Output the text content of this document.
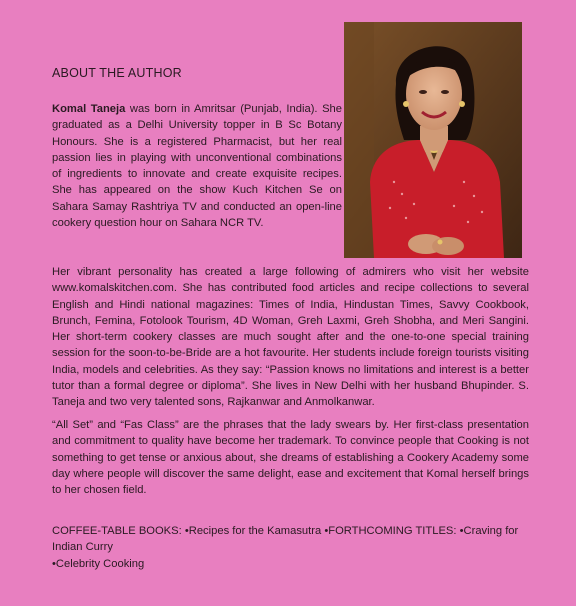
ABOUT THE AUTHOR

Komal Taneja was born in Amritsar (Punjab, India). She graduated as a Delhi University topper in B Sc Botany Honours. She is a registered Pharmacist, but her real passion lies in playing with unconventional combinations of ingredients to innovate and create exquisite recipes. She has appeared on the show Kuch Kitchen Se on Sahara Samay Rashtriya TV and conducted an open-line cookery question hour on Sahara NCR TV.

Her vibrant personality has created a large following of admirers who visit her website www.komalskitchen.com. She has contributed food articles and recipe collections to several English and Hindi national magazines: Times of India, Hindustan Times, Savvy Cookbook, Brunch, Femina, Fotolook Tourism, 4D Woman, Greh Laxmi, Greh Shobha, and Meri Sangini. Her short-term cookery classes are much sought after and the one-to-one special training session for the soon-to-be-Bride are a hot favourite. Her students include foreign tourists visiting India, models and celebrities. As they say: “Passion knows no limitations and interest is a better tutor than a formal degree or diploma”. She lives in New Delhi with her husband Bhupinder. S. Taneja and two very talented sons, Rajkanwar and Anmolkanwar.

“All Set” and “Fas Class” are the phrases that the lady swears by. Her first-class presentation and commitment to quality have become her trademark. To convince people that Cooking is not something to get tense or anxious about, she dreams of establishing a Cookery Academy some day where people will discover the same delight, ease and excitement that Komal herself brings to her chosen field.

COFFEE-TABLE BOOKS: •Recipes for the Kamasutra •FORTHCOMING TITLES: •Craving for Indian Curry
•Celebrity Cooking
